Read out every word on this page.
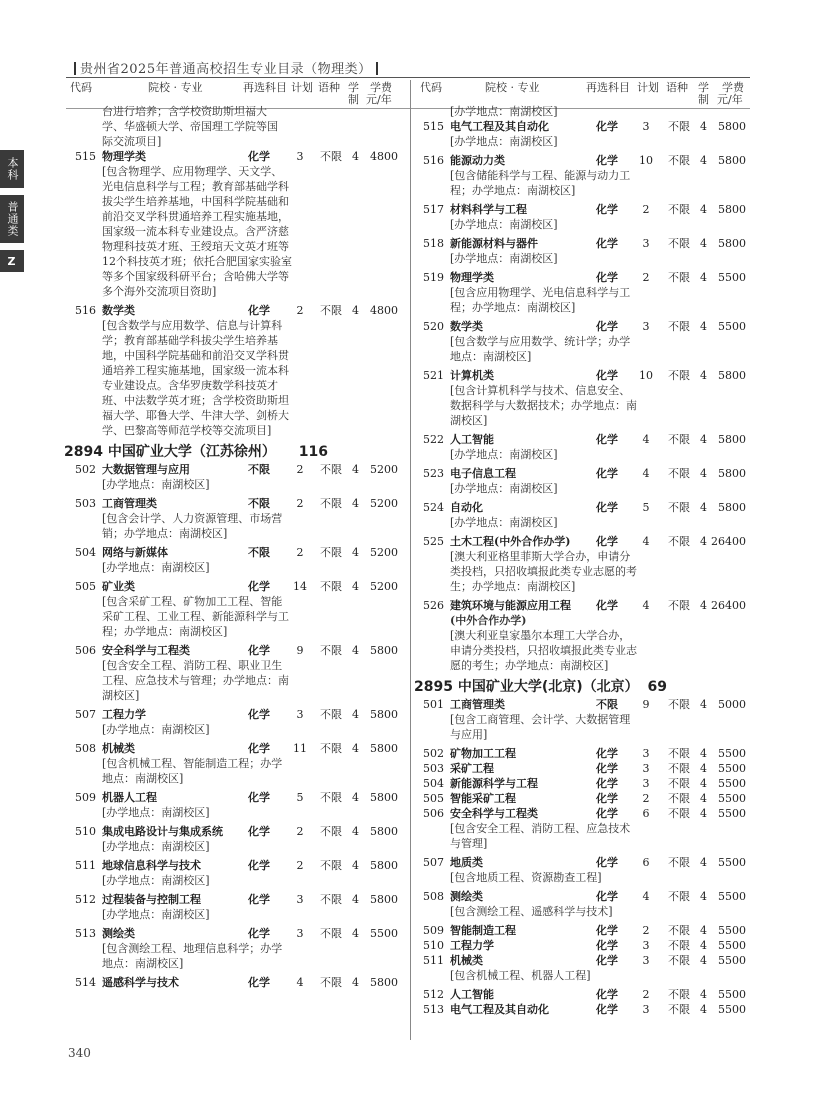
贵州省2025年普通高校招生专业目录（物理类）
代码	院校 · 专业	再选科目 计划 语种 学
制
学费
元/年
代码	院校 · 专业	再选科目 计划 语种 学
制
学费
元/年
本科
普通类
Z
台进行培养；含学校资助斯坦福大学、华盛顿大学、帝国理工学院等国际交流项目]
515 物理学类	化学	3	不限 4	4800
[包含物理学、应用物理学、天文学、光电信息科学与工程；教育部基础学科拔尖学生培养基地，中国科学院基础和前沿交叉学科贯通培养工程实施基地，国家级一流本科专业建设点。含严济慈物理科技英才班、王绶琯天文英才班等12个科技英才班；依托合肥国家实验室等多个国家级科研平台；含哈佛大学等多个海外交流项目资助]
516 数学类	化学	2	不限 4	4800
[包含数学与应用数学、信息与计算科学；教育部基础学科拔尖学生培养基地，中国科学院基础和前沿交叉学科贯通培养工程实施基地，国家级一流本科专业建设点。含华罗庚数学科技英才班、中法数学英才班；含学校资助斯坦福大学、耶鲁大学、牛津大学、剑桥大学、巴黎高等师范学校等交流项目]
2894 中国矿业大学（江苏徐州） 116
502 大数据管理与应用	不限	2	不限 4	5200
[办学地点：南湖校区]
503 工商管理类	不限	2	不限 4	5200
[包含会计学、人力资源管理、市场营销；办学地点：南湖校区]
504 网络与新媒体	不限	2	不限 4	5200
[办学地点：南湖校区]
505 矿业类	化学 14 不限 4	5200
[包含采矿工程、矿物加工工程、智能采矿工程、工业工程、新能源科学与工程；办学地点：南湖校区]
506 安全科学与工程类	化学	9	不限 4	5800
[包含安全工程、消防工程、职业卫生工程、应急技术与管理；办学地点：南湖校区]
507 工程力学	化学	3	不限 4	5800
[办学地点：南湖校区]
508 机械类	化学 11 不限 4	5800
[包含机械工程、智能制造工程；办学地点：南湖校区]
509 机器人工程	化学	5	不限 4	5800
[办学地点：南湖校区]
510 集成电路设计与集成系统 化学	2	不限 4	5800
[办学地点：南湖校区]
511 地球信息科学与技术	化学	2	不限 4	5800
[办学地点：南湖校区]
512 过程装备与控制工程	化学	3	不限 4	5800
[办学地点：南湖校区]
513 测绘类	化学	3	不限 4	5500
[包含测绘工程、地理信息科学；办学地点：南湖校区]
514 遥感科学与技术	化学	4	不限 4	5800
[办学地点：南湖校区]
515 电气工程及其自动化	化学	3	不限 4	5800
[办学地点：南湖校区]
516 能源动力类	化学 10 不限 4	5800
[包含储能科学与工程、能源与动力工程；办学地点：南湖校区]
517 材料科学与工程	化学	2	不限 4	5800
[办学地点：南湖校区]
518 新能源材料与器件	化学	3	不限 4	5800
[办学地点：南湖校区]
519 物理学类	化学	2	不限 4	5500
[包含应用物理学、光电信息科学与工程；办学地点：南湖校区]
520 数学类	化学	3	不限 4	5500
[包含数学与应用数学、统计学；办学地点：南湖校区]
521 计算机类	化学 10 不限 4	5800
[包含计算机科学与技术、信息安全、数据科学与大数据技术；办学地点：南湖校区]
522 人工智能	化学	4	不限 4	5800
[办学地点：南湖校区]
523 电子信息工程	化学	4	不限 4	5800
[办学地点：南湖校区]
524 自动化	化学	5	不限 4	5800
[办学地点：南湖校区]
525 土木工程(中外合作办学) 化学	4	不限 4 26400
[澳大利亚格里菲斯大学合办，申请分类投档，只招收填报此类专业志愿的考生；办学地点：南湖校区]
526 建筑环境与能源应用工程 化学	4	不限 4 26400
(中外合作办学)
[澳大利亚皇家墨尔本理工大学合办，申请分类投档，只招收填报此类专业志愿的考生；办学地点：南湖校区]
2895 中国矿业大学(北京)（北京） 69
501 工商管理类	不限	9	不限 4	5000
[包含工商管理、会计学、大数据管理与应用]
502 矿物加工工程	化学	3	不限 4	5500
503 采矿工程	化学	3	不限 4	5500
504 新能源科学与工程	化学	3	不限 4	5500
505 智能采矿工程	化学	2	不限 4	5500
506 安全科学与工程类	化学	6	不限 4	5500
[包含安全工程、消防工程、应急技术与管理]
507 地质类	化学	6	不限 4	5500
[包含地质工程、资源勘查工程]
508 测绘类	化学	4	不限 4	5500
[包含测绘工程、遥感科学与技术]
509 智能制造工程	化学	2	不限 4	5500
510 工程力学	化学	3	不限 4	5500
511 机械类	化学	3	不限 4	5500
[包含机械工程、机器人工程]
512 人工智能	化学	2	不限 4	5500
513 电气工程及其自动化	化学	3	不限 4	5500
340
